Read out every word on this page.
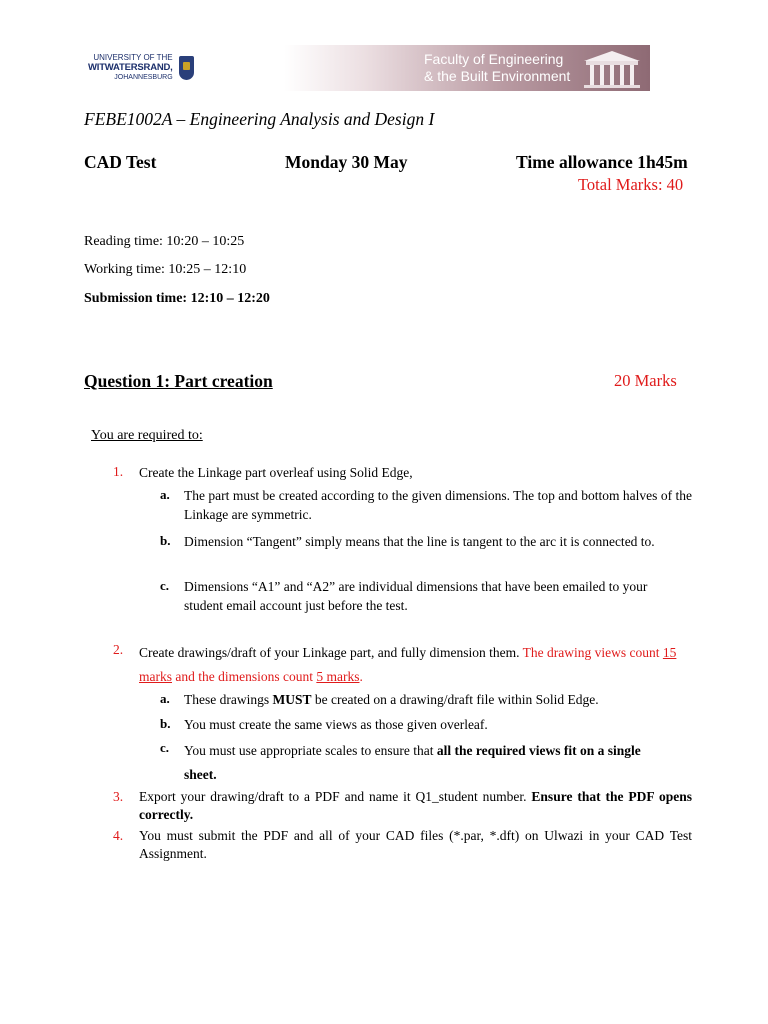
UNIVERSITY OF THE
WITWATERSRAND,
JOHANNESBURG
Faculty of Engineering
& the Built Environment
FEBE1002A – Engineering Analysis and Design I
CAD Test	Monday 30 May	Time allowance 1h45m
Total Marks: 40
Reading time: 10:20 – 10:25
Working time: 10:25 – 12:10
Submission time: 12:10 – 12:20
Question 1: Part creation	20 Marks
You are required to:
1. Create the Linkage part overleaf using Solid Edge,
a. The part must be created according to the given dimensions. The top and bottom halves of the Linkage are symmetric.
b. Dimension “Tangent” simply means that the line is tangent to the arc it is connected to.
c. Dimensions “A1” and “A2” are individual dimensions that have been emailed to your student email account just before the test.
2. Create drawings/draft of your Linkage part, and fully dimension them. The drawing views count 15 marks and the dimensions count 5 marks.
a. These drawings MUST be created on a drawing/draft file within Solid Edge.
b. You must create the same views as those given overleaf.
c. You must use appropriate scales to ensure that all the required views fit on a single
sheet.
3. Export your drawing/draft to a PDF and name it Q1_student number. Ensure that the PDF opens correctly.
4. You must submit the PDF and all of your CAD files (*.par, *.dft) on Ulwazi in your CAD Test Assignment.
